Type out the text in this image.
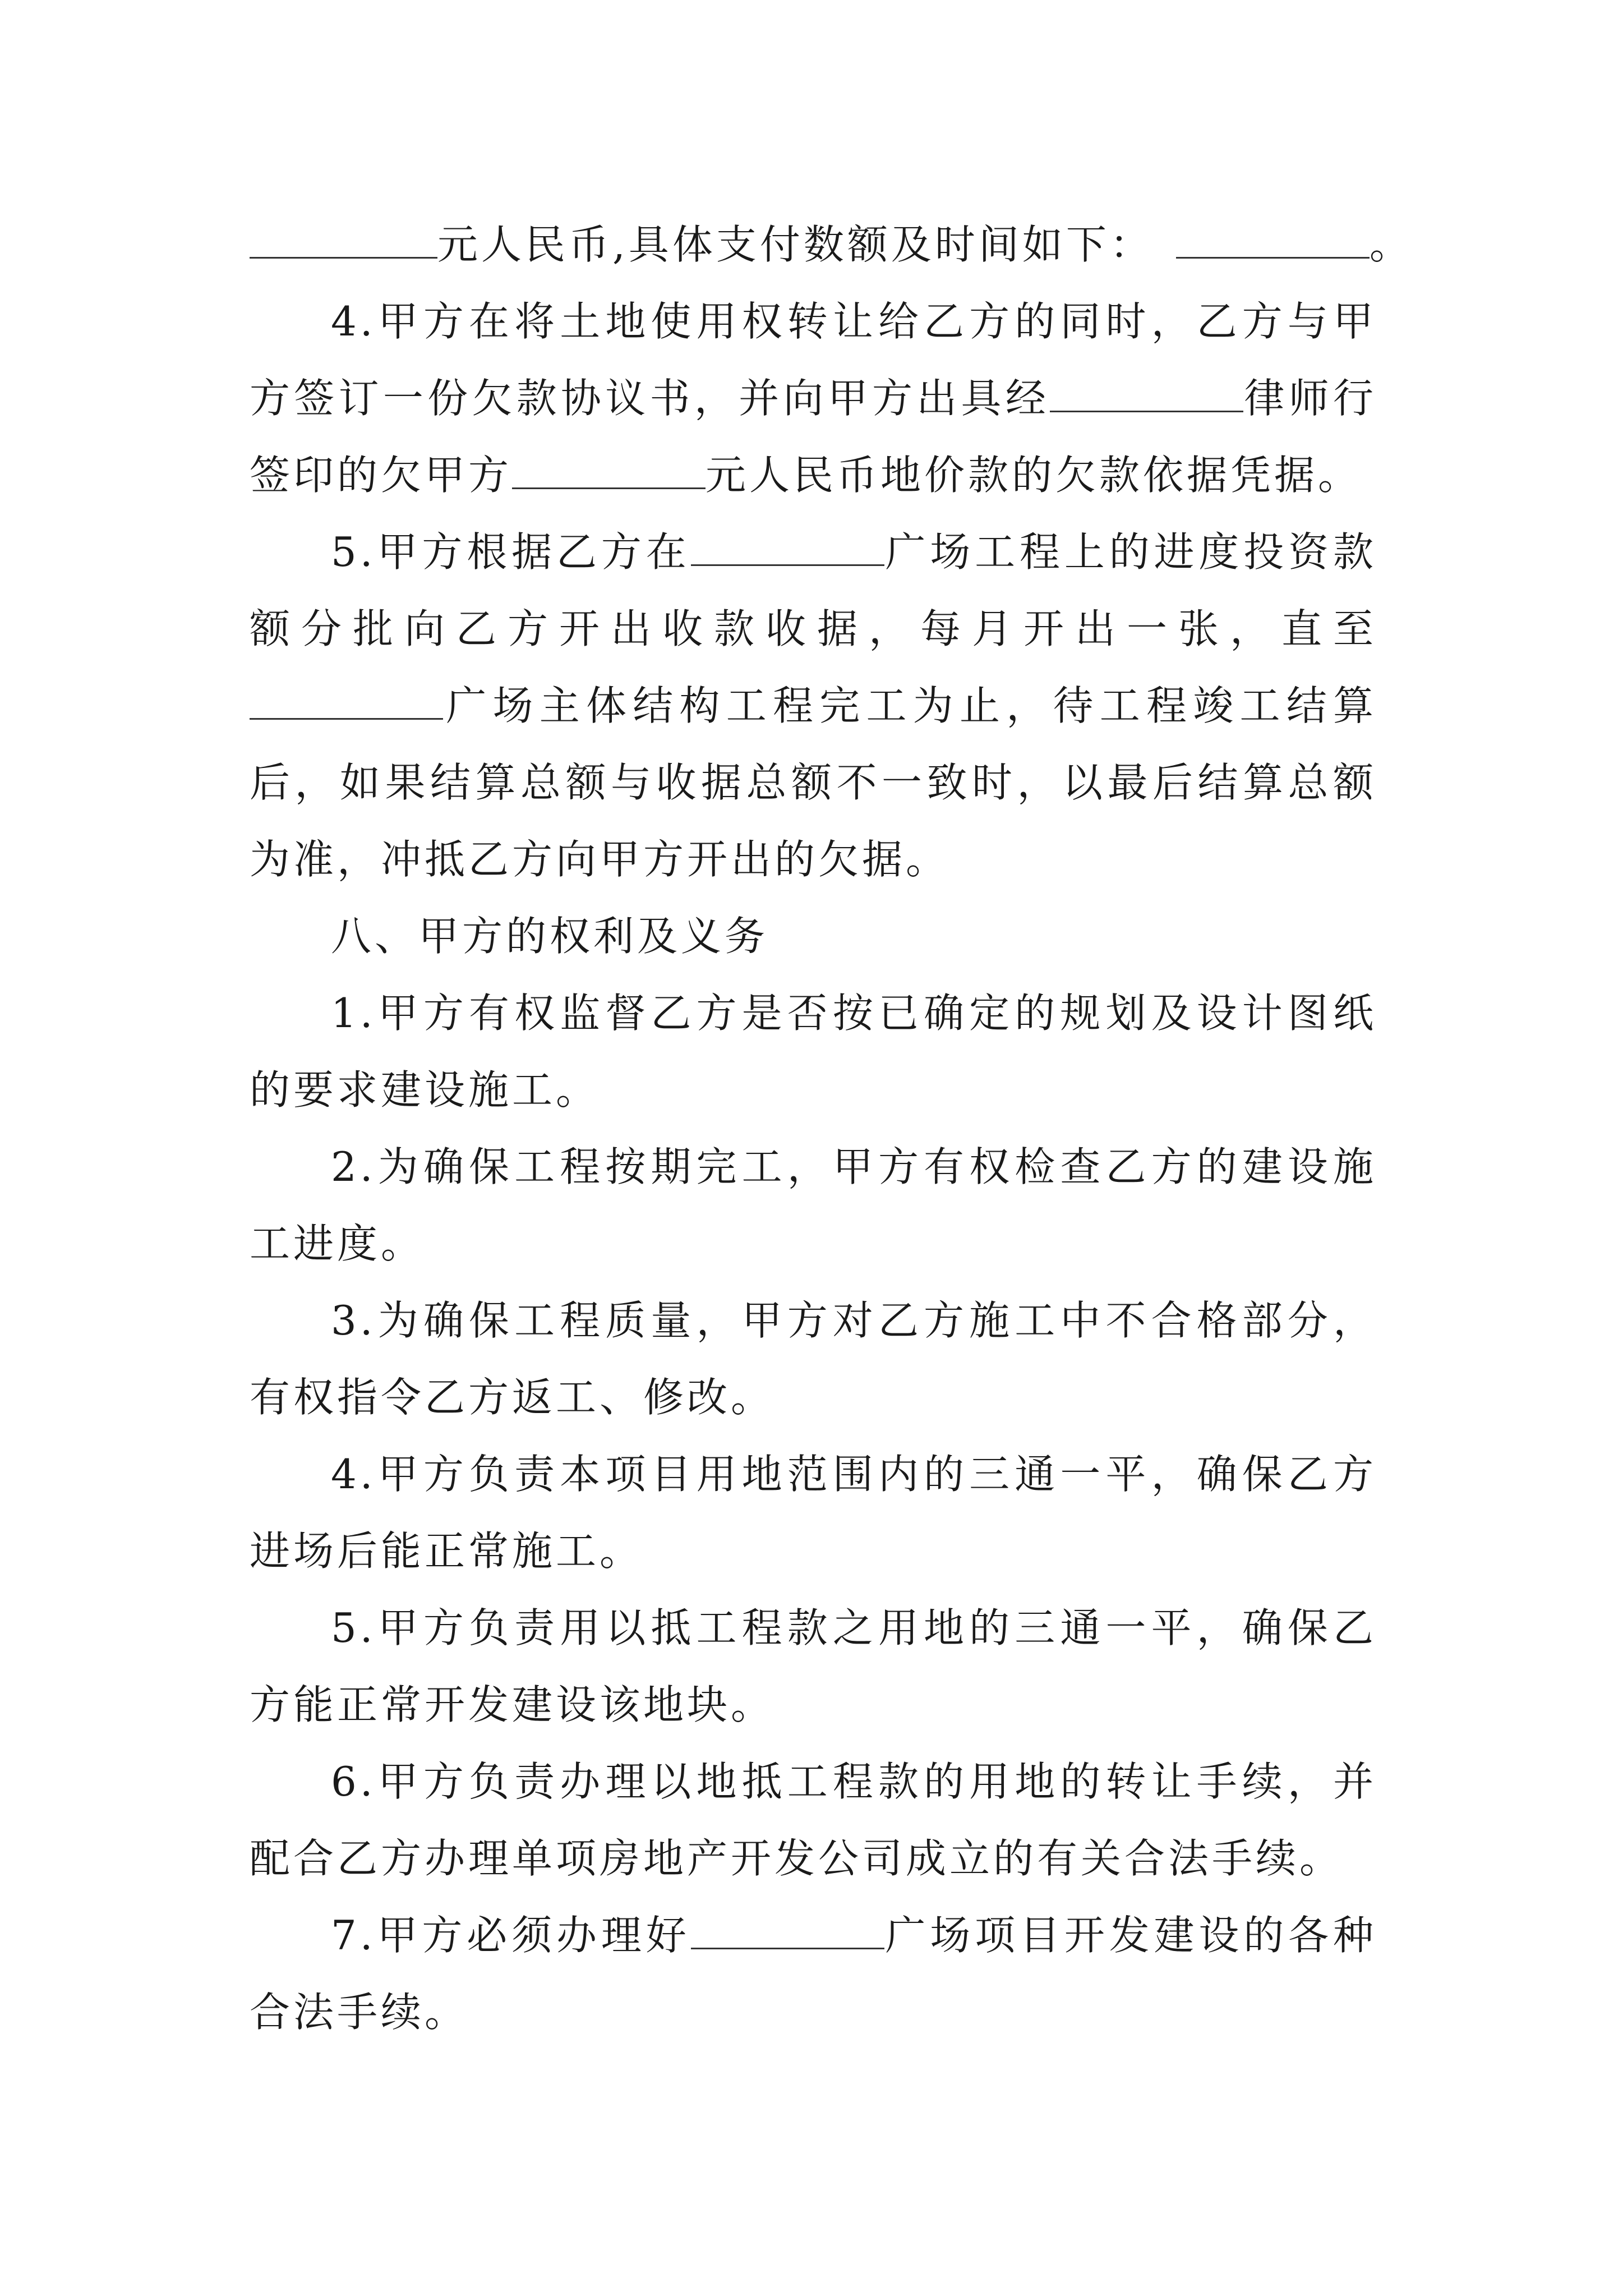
元人民币,具体支付数额及时间如下：	。

4.甲方在将土地使用权转让给乙方的同时，乙方与甲方签订一份欠款协议书，并向甲方出具经	律师行签印的欠甲方	元人民币地价款的欠款依据凭据。

5.甲方根据乙方在	广场工程上的进度投资款额分批向乙方开出收款收据，每月开出一张，直至广场主体结构工程完工为止，待工程竣工结算后，如果结算总额与收据总额不一致时，以最后结算总额为准，冲抵乙方向甲方开出的欠据。

八、甲方的权利及义务

1.甲方有权监督乙方是否按已确定的规划及设计图纸的要求建设施工。

2.为确保工程按期完工，甲方有权检查乙方的建设施工进度。

3.为确保工程质量，甲方对乙方施工中不合格部分，有权指令乙方返工、修改。

4.甲方负责本项目用地范围内的三通一平，确保乙方进场后能正常施工。

5.甲方负责用以抵工程款之用地的三通一平，确保乙方能正常开发建设该地块。

6.甲方负责办理以地抵工程款的用地的转让手续，并配合乙方办理单项房地产开发公司成立的有关合法手续。

7.甲方必须办理好	广场项目开发建设的各种合法手续。
